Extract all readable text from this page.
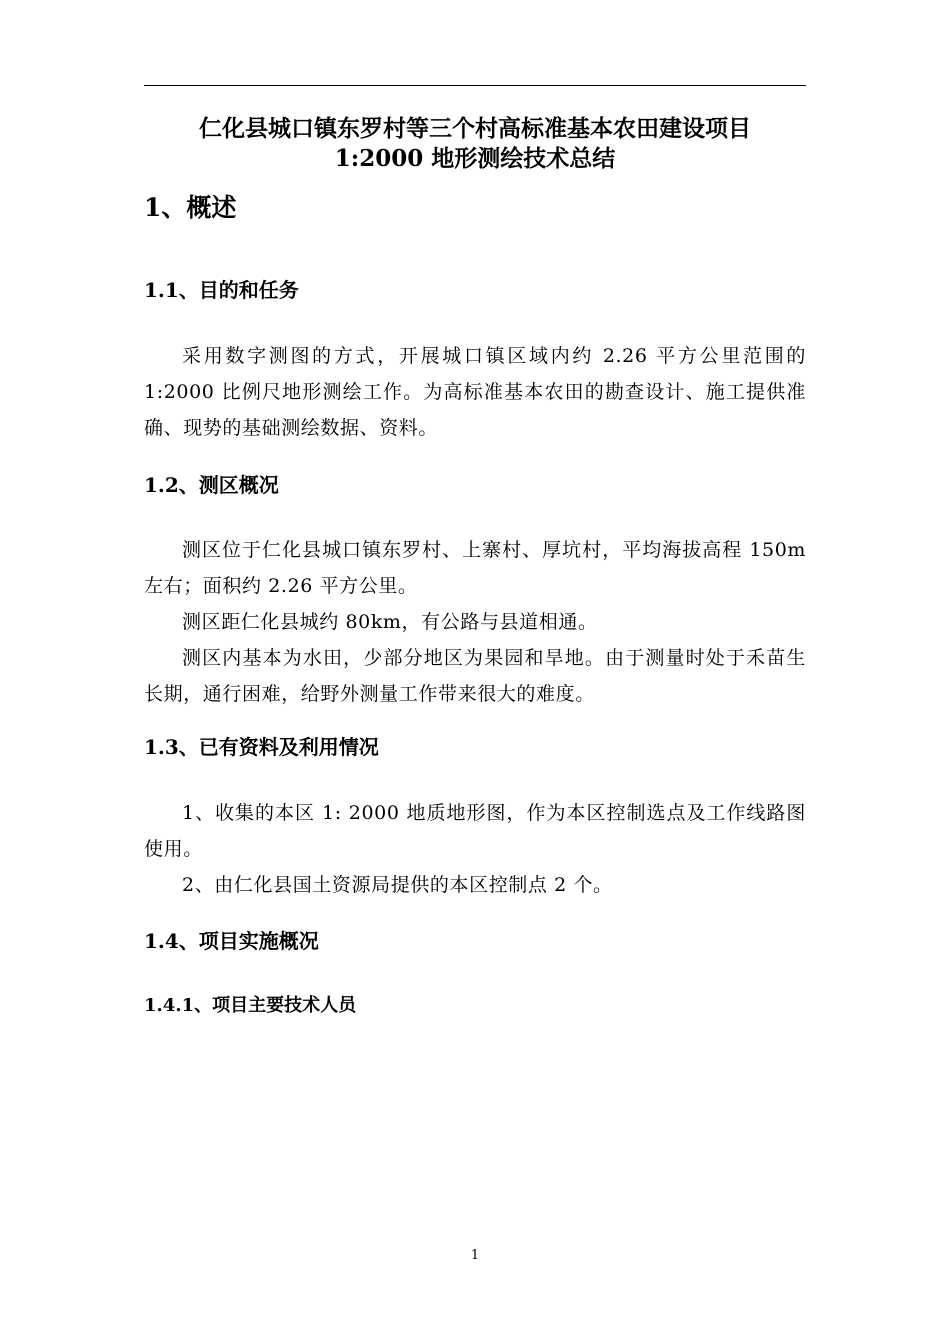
仁化县城口镇东罗村等三个村高标准基本农田建设项目
1:2000 地形测绘技术总结
1、概述
1.1、目的和任务
采用数字测图的方式，开展城口镇区域内约 2.26 平方公里范围的 1:2000 比例尺地形测绘工作。为高标准基本农田的勘查设计、施工提供准确、现势的基础测绘数据、资料。
1.2、测区概况
测区位于仁化县城口镇东罗村、上寨村、厚坑村，平均海拔高程 150m 左右；面积约 2.26 平方公里。
测区距仁化县城约 80km，有公路与县道相通。
测区内基本为水田，少部分地区为果园和旱地。由于测量时处于禾苗生长期，通行困难，给野外测量工作带来很大的难度。
1.3、已有资料及利用情况
1、收集的本区 1: 2000 地质地形图，作为本区控制选点及工作线路图使用。
2、由仁化县国土资源局提供的本区控制点 2 个。
1.4、项目实施概况
1.4.1、项目主要技术人员
1
